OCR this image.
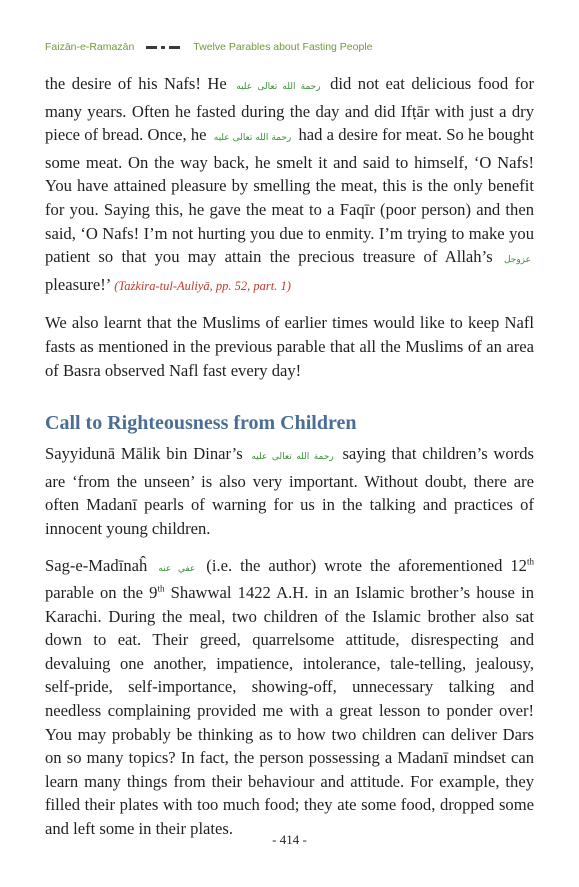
Faizān-e-Ramazān	Twelve Parables about Fasting People

the desire of his Nafs! He رحمة الله تعالى عليه did not eat delicious food for many years. Often he fasted during the day and did Ifṭār with just a dry piece of bread. Once, he رحمة الله تعالى عليه had a desire for meat. So he bought some meat. On the way back, he smelt it and said to himself, ‘O Nafs! You have attained pleasure by smelling the meat, this is the only benefit for you. Saying this, he gave the meat to a Faqīr (poor person) and then said, ‘O Nafs! I’m not hurting you due to enmity. I’m trying to make you patient so that you may attain the precious treasure of Allah’s عزوجل pleasure!’ (Tażkira-tul-Auliyā, pp. 52, part. 1)

We also learnt that the Muslims of earlier times would like to keep Nafl fasts as mentioned in the previous parable that all the Muslims of an area of Basra observed Nafl fast every day!

Call to Righteousness from Children

Sayyidunā Mālik bin Dinar’s رحمة الله تعالى عليه saying that children’s words are ‘from the unseen’ is also very important. Without doubt, there are often Madanī pearls of warning for us in the talking and practices of innocent young children.

Sag-e-Madīnaĥ عفي عنه (i.e. the author) wrote the aforementioned 12th parable on the 9th Shawwal 1422 A.H. in an Islamic brother’s house in Karachi. During the meal, two children of the Islamic brother also sat down to eat. Their greed, quarrelsome attitude, disrespecting and devaluing one another, impatience, intolerance, tale-telling, jealousy, self-pride, self-importance, showing-off, unnecessary talking and needless complaining provided me with a great lesson to ponder over! You may probably be thinking as to how two children can deliver Dars on so many topics? In fact, the person possessing a Madanī mindset can learn many things from their behaviour and attitude. For example, they filled their plates with too much food; they ate some food, dropped some and left some in their plates.

- 414 -
